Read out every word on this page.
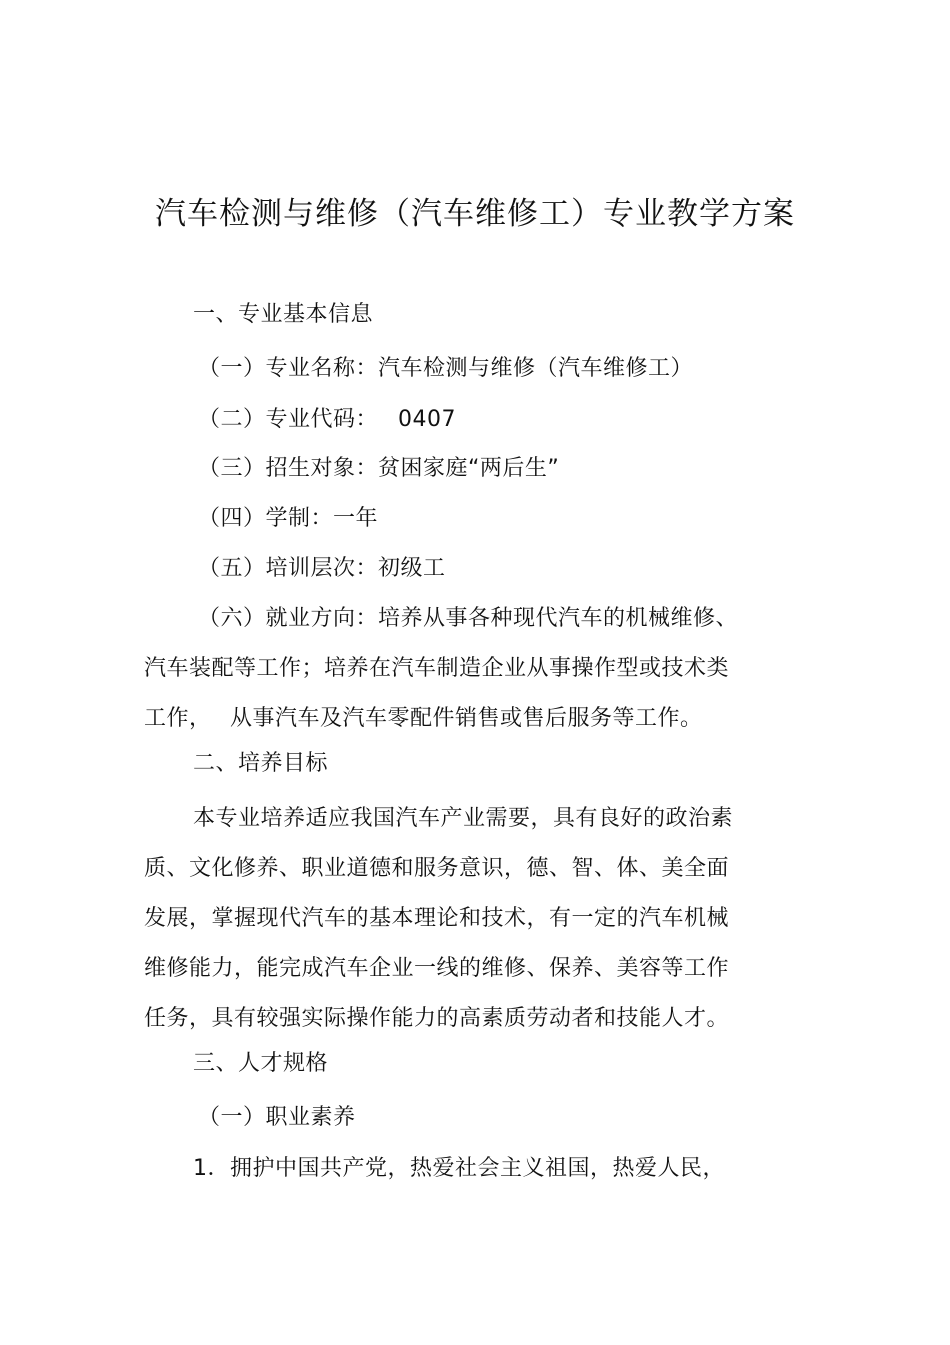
汽车检测与维修（汽车维修工）专业教学方案
一、专业基本信息
（一）专业名称：汽车检测与维修（汽车维修工）
（二）专业代码： 0407
（三）招生对象：贫困家庭“两后生”
（四）学制：一年
（五）培训层次：初级工
（六）就业方向：培养从事各种现代汽车的机械维修、
汽车装配等工作；培养在汽车制造企业从事操作型或技术类
工作， 从事汽车及汽车零配件销售或售后服务等工作。
二、培养目标
本专业培养适应我国汽车产业需要，具有良好的政治素
质、文化修养、职业道德和服务意识，德、智、体、美全面
发展，掌握现代汽车的基本理论和技术，有一定的汽车机械
维修能力，能完成汽车企业一线的维修、保养、美容等工作
任务，具有较强实际操作能力的高素质劳动者和技能人才。
三、人才规格
（一）职业素养
1．拥护中国共产党，热爱社会主义祖国，热爱人民，
